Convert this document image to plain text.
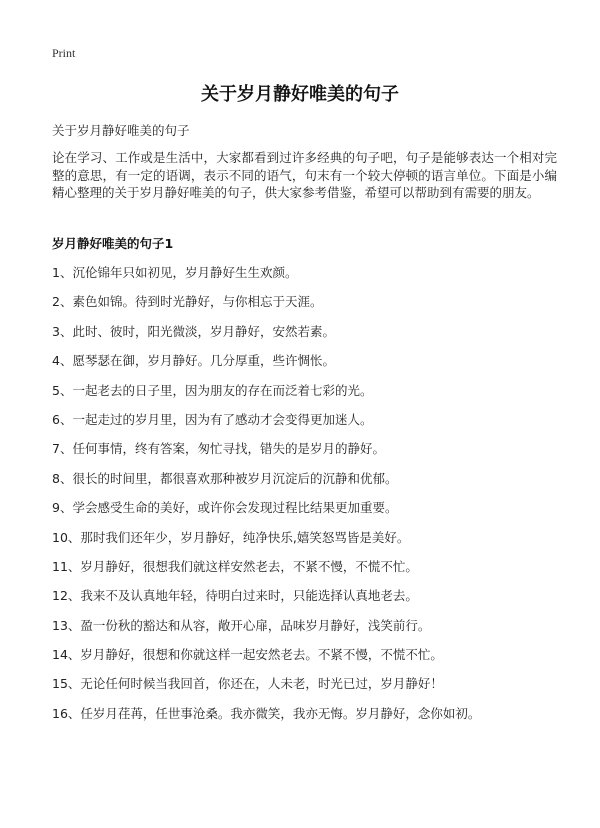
Print
关于岁月静好唯美的句子

关于岁月静好唯美的句子

论在学习、工作或是生活中，大家都看到过许多经典的句子吧，句子是能够表达一个相对完整的意思，有一定的语调，表示不同的语气，句末有一个较大停顿的语言单位。下面是小编精心整理的关于岁月静好唯美的句子，供大家参考借鉴，希望可以帮助到有需要的朋友。

岁月静好唯美的句子1
1、沉伦锦年只如初见，岁月静好生生欢颜。
2、素色如锦。待到时光静好，与你相忘于天涯。
3、此时、彼时，阳光微淡，岁月静好，安然若素。
4、愿琴瑟在御，岁月静好。几分厚重，些许惆怅。
5、一起老去的日子里，因为朋友的存在而泛着七彩的光。
6、一起走过的岁月里，因为有了感动才会变得更加迷人。
7、任何事情，终有答案，匆忙寻找，错失的是岁月的静好。
8、很长的时间里，都很喜欢那种被岁月沉淀后的沉静和优郁。
9、学会感受生命的美好，或许你会发现过程比结果更加重要。
10、那时我们还年少，岁月静好，纯净快乐,嬉笑怒骂皆是美好。
11、岁月静好，很想我们就这样安然老去，不紧不慢，不慌不忙。
12、我来不及认真地年轻，待明白过来时，只能选择认真地老去。
13、盈一份秋的豁达和从容，敞开心扉，品味岁月静好，浅笑前行。
14、岁月静好，很想和你就这样一起安然老去。不紧不慢，不慌不忙。
15、无论任何时候当我回首，你还在，人未老，时光已过，岁月静好！
16、任岁月荏苒，任世事沧桑。我亦微笑，我亦无悔。岁月静好，念你如初。
